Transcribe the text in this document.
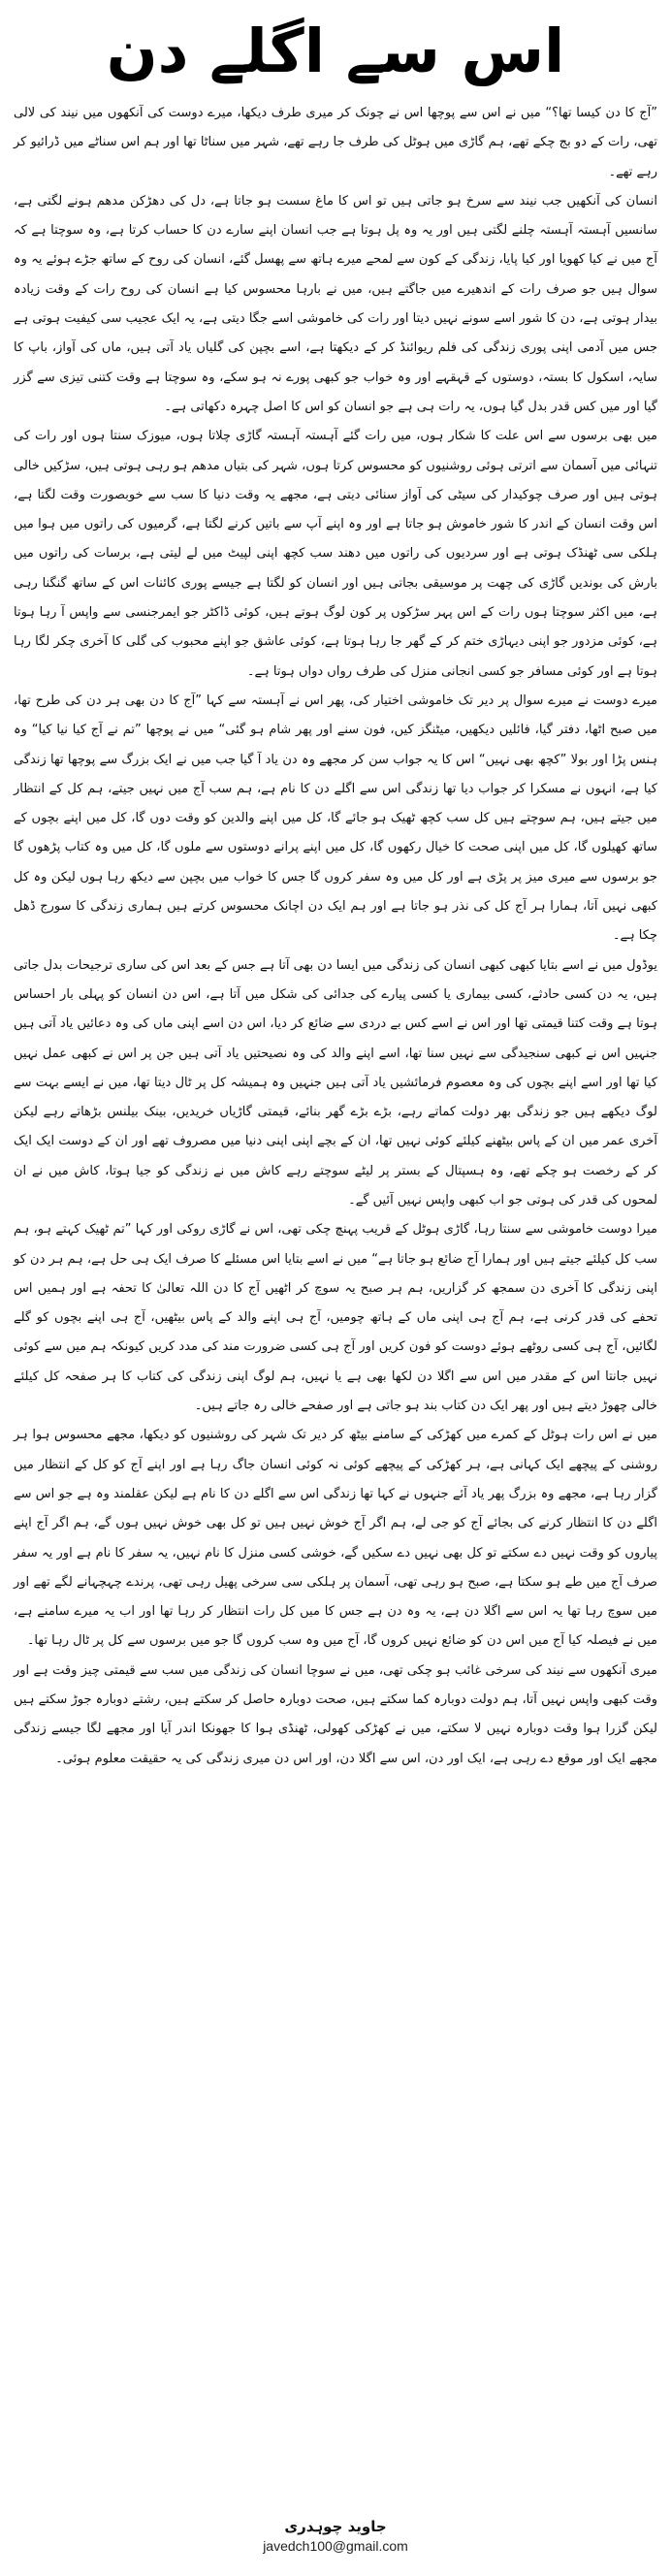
اس سے اگلے دن

”آج کا دن کیسا تھا؟“ میں نے اس سے پوچھا اس نے چونک کر میری طرف دیکھا، میرے دوست کی آنکھوں میں نیند کی لالی تھی، رات کے دو بج چکے تھے، ہم گاڑی میں ہوٹل کی طرف جا رہے تھے، شہر میں سناٹا تھا اور ہم اس سناٹے میں ڈرائیو کر رہے تھے۔

انسان کی آنکھیں جب نیند سے سرخ ہو جاتی ہیں تو اس کا ماغ سست ہو جاتا ہے، دل کی دھڑکن مدھم ہونے لگتی ہے، سانسیں آہستہ آہستہ چلنے لگتی ہیں اور یہ وہ پل ہوتا ہے جب انسان اپنے سارے دن کا حساب کرتا ہے، وہ سوچتا ہے کہ آج میں نے کیا کھویا اور کیا پایا، زندگی کے کون سے لمحے میرے ہاتھ سے پھسل گئے، انسان کی روح کے ساتھ جڑے ہوئے یہ وہ سوال ہیں جو صرف رات کے اندھیرے میں جاگتے ہیں، میں نے بارہا محسوس کیا ہے انسان کی روح رات کے وقت زیادہ بیدار ہوتی ہے، دن کا شور اسے سونے نہیں دیتا اور رات کی خاموشی اسے جگا دیتی ہے، یہ ایک عجیب سی کیفیت ہوتی ہے جس میں آدمی اپنی پوری زندگی کی فلم ریوائنڈ کر کے دیکھتا ہے، اسے بچپن کی گلیاں یاد آتی ہیں، ماں کی آواز، باپ کا سایہ، اسکول کا بستہ، دوستوں کے قہقہے اور وہ خواب جو کبھی پورے نہ ہو سکے، وہ سوچتا ہے وقت کتنی تیزی سے گزر گیا اور میں کس قدر بدل گیا ہوں، یہ رات ہی ہے جو انسان کو اس کا اصل چہرہ دکھاتی ہے۔

میں بھی برسوں سے اس علت کا شکار ہوں، میں رات گئے آہستہ آہستہ گاڑی چلاتا ہوں، میوزک سنتا ہوں اور رات کی تنہائی میں آسمان سے اترتی ہوئی روشنیوں کو محسوس کرتا ہوں، شہر کی بتیاں مدھم ہو رہی ہوتی ہیں، سڑکیں خالی ہوتی ہیں اور صرف چوکیدار کی سیٹی کی آواز سنائی دیتی ہے، مجھے یہ وقت دنیا کا سب سے خوبصورت وقت لگتا ہے، اس وقت انسان کے اندر کا شور خاموش ہو جاتا ہے اور وہ اپنے آپ سے باتیں کرنے لگتا ہے، گرمیوں کی راتوں میں ہوا میں ہلکی سی ٹھنڈک ہوتی ہے اور سردیوں کی راتوں میں دھند سب کچھ اپنی لپیٹ میں لے لیتی ہے، برسات کی راتوں میں بارش کی بوندیں گاڑی کی چھت پر موسیقی بجاتی ہیں اور انسان کو لگتا ہے جیسے پوری کائنات اس کے ساتھ گنگنا رہی ہے، میں اکثر سوچتا ہوں رات کے اس پہر سڑکوں پر کون لوگ ہوتے ہیں، کوئی ڈاکٹر جو ایمرجنسی سے واپس آ رہا ہوتا ہے، کوئی مزدور جو اپنی دیہاڑی ختم کر کے گھر جا رہا ہوتا ہے، کوئی عاشق جو اپنے محبوب کی گلی کا آخری چکر لگا رہا ہوتا ہے اور کوئی مسافر جو کسی انجانی منزل کی طرف رواں دواں ہوتا ہے۔

میرے دوست نے میرے سوال پر دیر تک خاموشی اختیار کی، پھر اس نے آہستہ سے کہا ”آج کا دن بھی ہر دن کی طرح تھا، میں صبح اٹھا، دفتر گیا، فائلیں دیکھیں، میٹنگز کیں، فون سنے اور پھر شام ہو گئی“ میں نے پوچھا ”تم نے آج کیا نیا کیا“ وہ ہنس پڑا اور بولا ”کچھ بھی نہیں“ اس کا یہ جواب سن کر مجھے وہ دن یاد آ گیا جب میں نے ایک بزرگ سے پوچھا تھا زندگی کیا ہے، انہوں نے مسکرا کر جواب دیا تھا زندگی اس سے اگلے دن کا نام ہے، ہم سب آج میں نہیں جیتے، ہم کل کے انتظار میں جیتے ہیں، ہم سوچتے ہیں کل سب کچھ ٹھیک ہو جائے گا، کل میں اپنے والدین کو وقت دوں گا، کل میں اپنے بچوں کے ساتھ کھیلوں گا، کل میں اپنی صحت کا خیال رکھوں گا، کل میں اپنے پرانے دوستوں سے ملوں گا، کل میں وہ کتاب پڑھوں گا جو برسوں سے میری میز پر پڑی ہے اور کل میں وہ سفر کروں گا جس کا خواب میں بچپن سے دیکھ رہا ہوں لیکن وہ کل کبھی نہیں آتا، ہمارا ہر آج کل کی نذر ہو جاتا ہے اور ہم ایک دن اچانک محسوس کرتے ہیں ہماری زندگی کا سورج ڈھل چکا ہے۔

یوڈول میں نے اسے بتایا کبھی کبھی انسان کی زندگی میں ایسا دن بھی آتا ہے جس کے بعد اس کی ساری ترجیحات بدل جاتی ہیں، یہ دن کسی حادثے، کسی بیماری یا کسی پیارے کی جدائی کی شکل میں آتا ہے، اس دن انسان کو پہلی بار احساس ہوتا ہے وقت کتنا قیمتی تھا اور اس نے اسے کس بے دردی سے ضائع کر دیا، اس دن اسے اپنی ماں کی وہ دعائیں یاد آتی ہیں جنہیں اس نے کبھی سنجیدگی سے نہیں سنا تھا، اسے اپنے والد کی وہ نصیحتیں یاد آتی ہیں جن پر اس نے کبھی عمل نہیں کیا تھا اور اسے اپنے بچوں کی وہ معصوم فرمائشیں یاد آتی ہیں جنہیں وہ ہمیشہ کل پر ٹال دیتا تھا، میں نے ایسے بہت سے لوگ دیکھے ہیں جو زندگی بھر دولت کماتے رہے، بڑے بڑے گھر بنائے، قیمتی گاڑیاں خریدیں، بینک بیلنس بڑھاتے رہے لیکن آخری عمر میں ان کے پاس بیٹھنے کیلئے کوئی نہیں تھا، ان کے بچے اپنی اپنی دنیا میں مصروف تھے اور ان کے دوست ایک ایک کر کے رخصت ہو چکے تھے، وہ ہسپتال کے بستر پر لیٹے سوچتے رہے کاش میں نے زندگی کو جیا ہوتا، کاش میں نے ان لمحوں کی قدر کی ہوتی جو اب کبھی واپس نہیں آئیں گے۔

میرا دوست خاموشی سے سنتا رہا، گاڑی ہوٹل کے قریب پہنچ چکی تھی، اس نے گاڑی روکی اور کہا ”تم ٹھیک کہتے ہو، ہم سب کل کیلئے جیتے ہیں اور ہمارا آج ضائع ہو جاتا ہے“ میں نے اسے بتایا اس مسئلے کا صرف ایک ہی حل ہے، ہم ہر دن کو اپنی زندگی کا آخری دن سمجھ کر گزاریں، ہم ہر صبح یہ سوچ کر اٹھیں آج کا دن اللہ تعالیٰ کا تحفہ ہے اور ہمیں اس تحفے کی قدر کرنی ہے، ہم آج ہی اپنی ماں کے ہاتھ چومیں، آج ہی اپنے والد کے پاس بیٹھیں، آج ہی اپنے بچوں کو گلے لگائیں، آج ہی کسی روٹھے ہوئے دوست کو فون کریں اور آج ہی کسی ضرورت مند کی مدد کریں کیونکہ ہم میں سے کوئی نہیں جانتا اس کے مقدر میں اس سے اگلا دن لکھا بھی ہے یا نہیں، ہم لوگ اپنی زندگی کی کتاب کا ہر صفحہ کل کیلئے خالی چھوڑ دیتے ہیں اور پھر ایک دن کتاب بند ہو جاتی ہے اور صفحے خالی رہ جاتے ہیں۔

میں نے اس رات ہوٹل کے کمرے میں کھڑکی کے سامنے بیٹھ کر دیر تک شہر کی روشنیوں کو دیکھا، مجھے محسوس ہوا ہر روشنی کے پیچھے ایک کہانی ہے، ہر کھڑکی کے پیچھے کوئی نہ کوئی انسان جاگ رہا ہے اور اپنے آج کو کل کے انتظار میں گزار رہا ہے، مجھے وہ بزرگ پھر یاد آئے جنہوں نے کہا تھا زندگی اس سے اگلے دن کا نام ہے لیکن عقلمند وہ ہے جو اس سے اگلے دن کا انتظار کرنے کی بجائے آج کو جی لے، ہم اگر آج خوش نہیں ہیں تو کل بھی خوش نہیں ہوں گے، ہم اگر آج اپنے پیاروں کو وقت نہیں دے سکتے تو کل بھی نہیں دے سکیں گے، خوشی کسی منزل کا نام نہیں، یہ سفر کا نام ہے اور یہ سفر صرف آج میں طے ہو سکتا ہے، صبح ہو رہی تھی، آسمان پر ہلکی سی سرخی پھیل رہی تھی، پرندے چہچہانے لگے تھے اور میں سوچ رہا تھا یہ اس سے اگلا دن ہے، یہ وہ دن ہے جس کا میں کل رات انتظار کر رہا تھا اور اب یہ میرے سامنے ہے، میں نے فیصلہ کیا آج میں اس دن کو ضائع نہیں کروں گا، آج میں وہ سب کروں گا جو میں برسوں سے کل پر ٹال رہا تھا۔

میری آنکھوں سے نیند کی سرخی غائب ہو چکی تھی، میں نے سوچا انسان کی زندگی میں سب سے قیمتی چیز وقت ہے اور وقت کبھی واپس نہیں آتا، ہم دولت دوبارہ کما سکتے ہیں، صحت دوبارہ حاصل کر سکتے ہیں، رشتے دوبارہ جوڑ سکتے ہیں لیکن گزرا ہوا وقت دوبارہ نہیں لا سکتے، میں نے کھڑکی کھولی، ٹھنڈی ہوا کا جھونکا اندر آیا اور مجھے لگا جیسے زندگی مجھے ایک اور موقع دے رہی ہے، ایک اور دن، اس سے اگلا دن، اور اس دن میری زندگی کی یہ حقیقت معلوم ہوئی۔

جاوید چوہدری
javedch100@gmail.com
